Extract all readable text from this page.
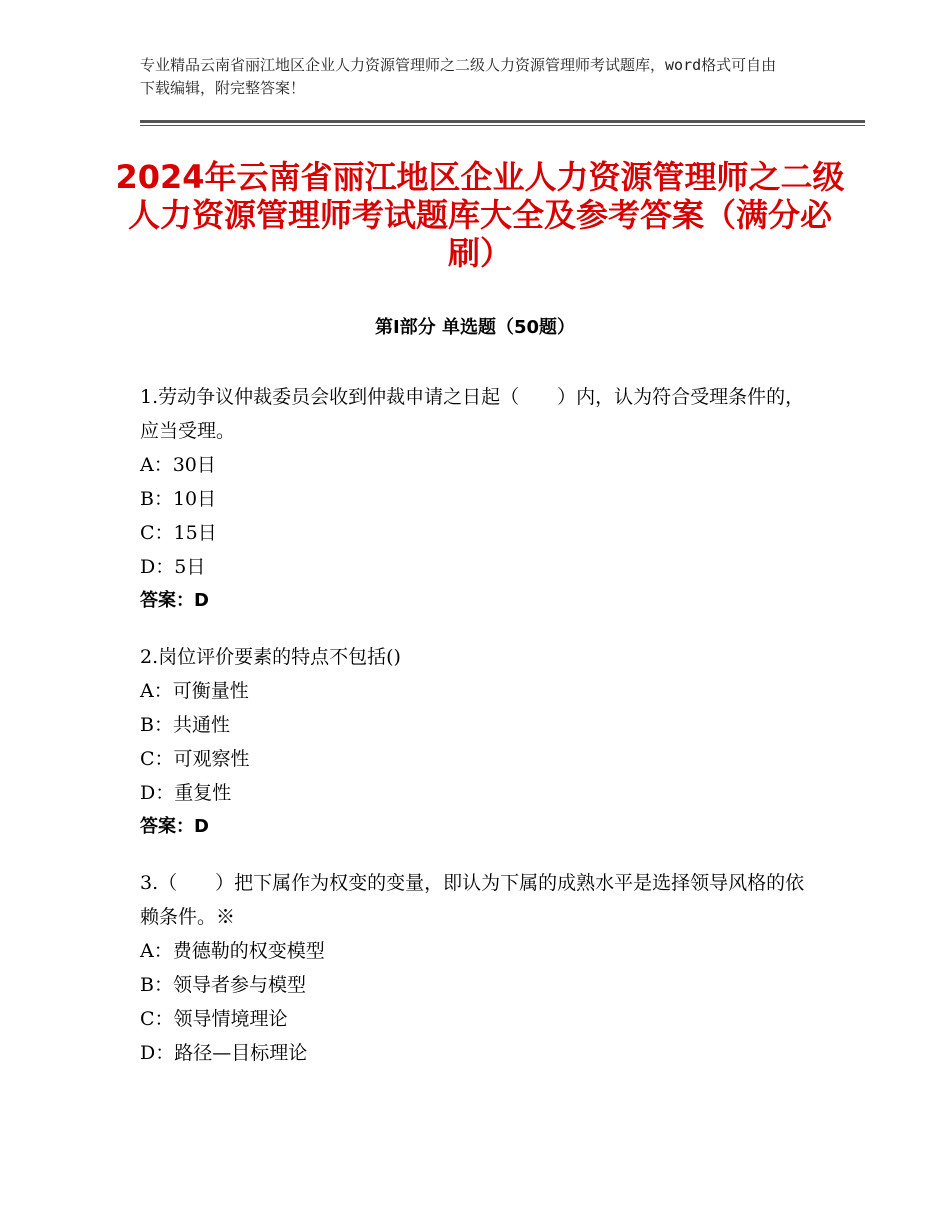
专业精品云南省丽江地区企业人力资源管理师之二级人力资源管理师考试题库，word格式可自由下载编辑，附完整答案！
2024年云南省丽江地区企业人力资源管理师之二级人力资源管理师考试题库大全及参考答案（满分必刷）
第Ⅰ部分 单选题（50题）
1.劳动争议仲裁委员会收到仲裁申请之日起（　　）内，认为符合受理条件的，应当受理。
A：30日
B：10日
C：15日
D：5日
答案：D
2.岗位评价要素的特点不包括()
A：可衡量性
B：共通性
C：可观察性
D：重复性
答案：D
3.（　　）把下属作为权变的变量，即认为下属的成熟水平是选择领导风格的依赖条件。※
A：费德勒的权变模型
B：领导者参与模型
C：领导情境理论
D：路径—目标理论
